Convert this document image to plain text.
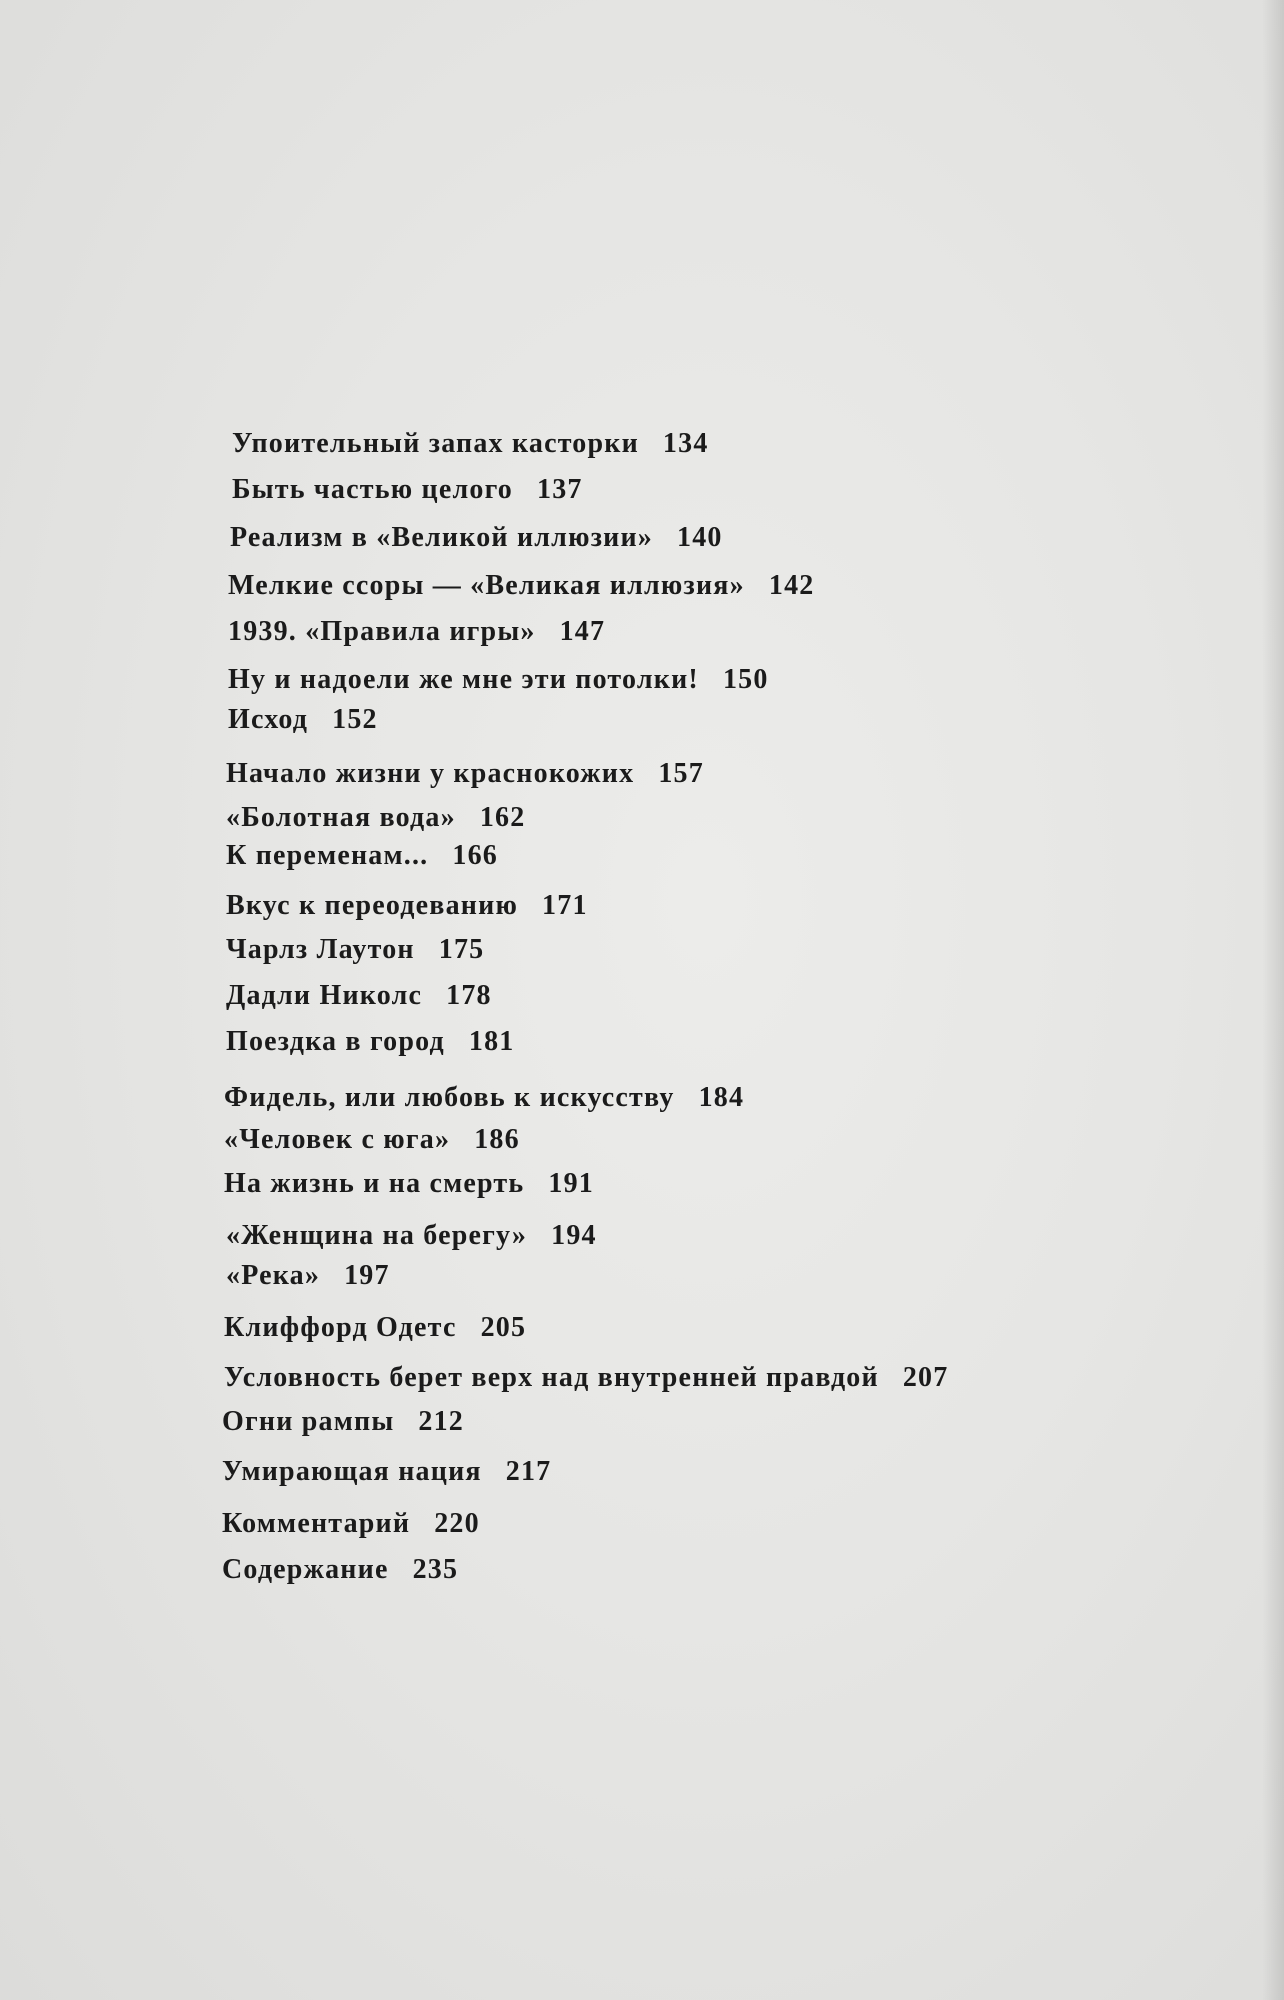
Упоительный запах касторки 134
Быть частью целого 137
Реализм в «Великой иллюзии» 140
Мелкие ссоры — «Великая иллюзия» 142
1939. «Правила игры» 147
Ну и надоели же мне эти потолки! 150
Исход 152
Начало жизни у краснокожих 157
«Болотная вода» 162
К переменам... 166
Вкус к переодеванию 171
Чарлз Лаутон 175
Дадли Николс 178
Поездка в город 181
Фидель, или любовь к искусству 184
«Человек с юга» 186
На жизнь и на смерть 191
«Женщина на берегу» 194
«Река» 197
Клиффорд Одетс 205
Условность берет верх над внутренней правдой 207
Огни рампы 212
Умирающая нация 217
Комментарий 220
Содержание 235
